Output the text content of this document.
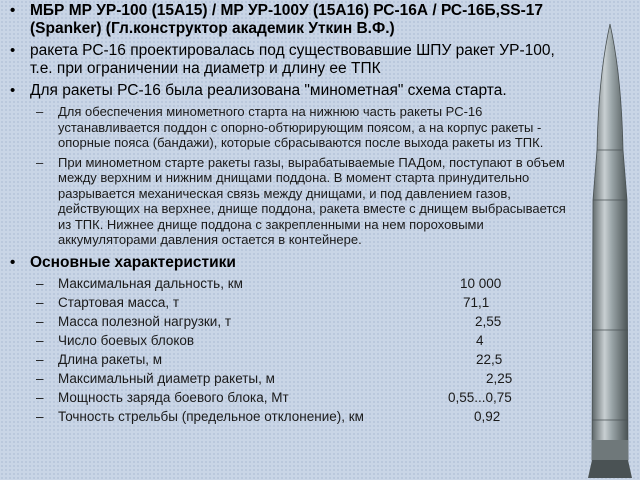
• МБР МР УР-100 (15А15) / МР УР-100У (15А16) РС-16А / РС-16Б,SS-17 (Spanker) (Гл.конструктор академик Уткин В.Ф.)
• ракета РС-16 проектировалась под существовавшие ШПУ ракет УР-100, т.е. при ограничении на диаметр и длину ее ТПК
• Для ракеты РС-16 была реализована "минометная" схема старта.
– Для обеспечения минометного старта на нижнюю часть ракеты РС-16 устанавливается поддон с опорно-обтюрирующим поясом, а на корпус ракеты - опорные пояса (бандажи), которые сбрасываются после выхода ракеты из ТПК.
– При минометном старте ракеты газы, вырабатываемые ПАДом, поступают в объем между верхним и нижним днищами поддона. В момент старта принудительно разрывается механическая связь между днищами, и под давлением газов, действующих на верхнее, днище поддона, ракета вместе с днищем выбрасывается из ТПК. Нижнее днище поддона с закрепленными на нем пороховыми аккумуляторами давления остается в контейнере.
• Основные характеристики
– Максимальная дальность, км	10 000
– Стартовая масса, т	71,1
– Масса полезной нагрузки, т	2,55
– Число боевых блоков	4
– Длина ракеты, м	22,5
– Максимальный диаметр ракеты, м	2,25
– Мощность заряда боевого блока, Мт	0,55...0,75
– Точность стрельбы (предельное отклонение), км	0,92
